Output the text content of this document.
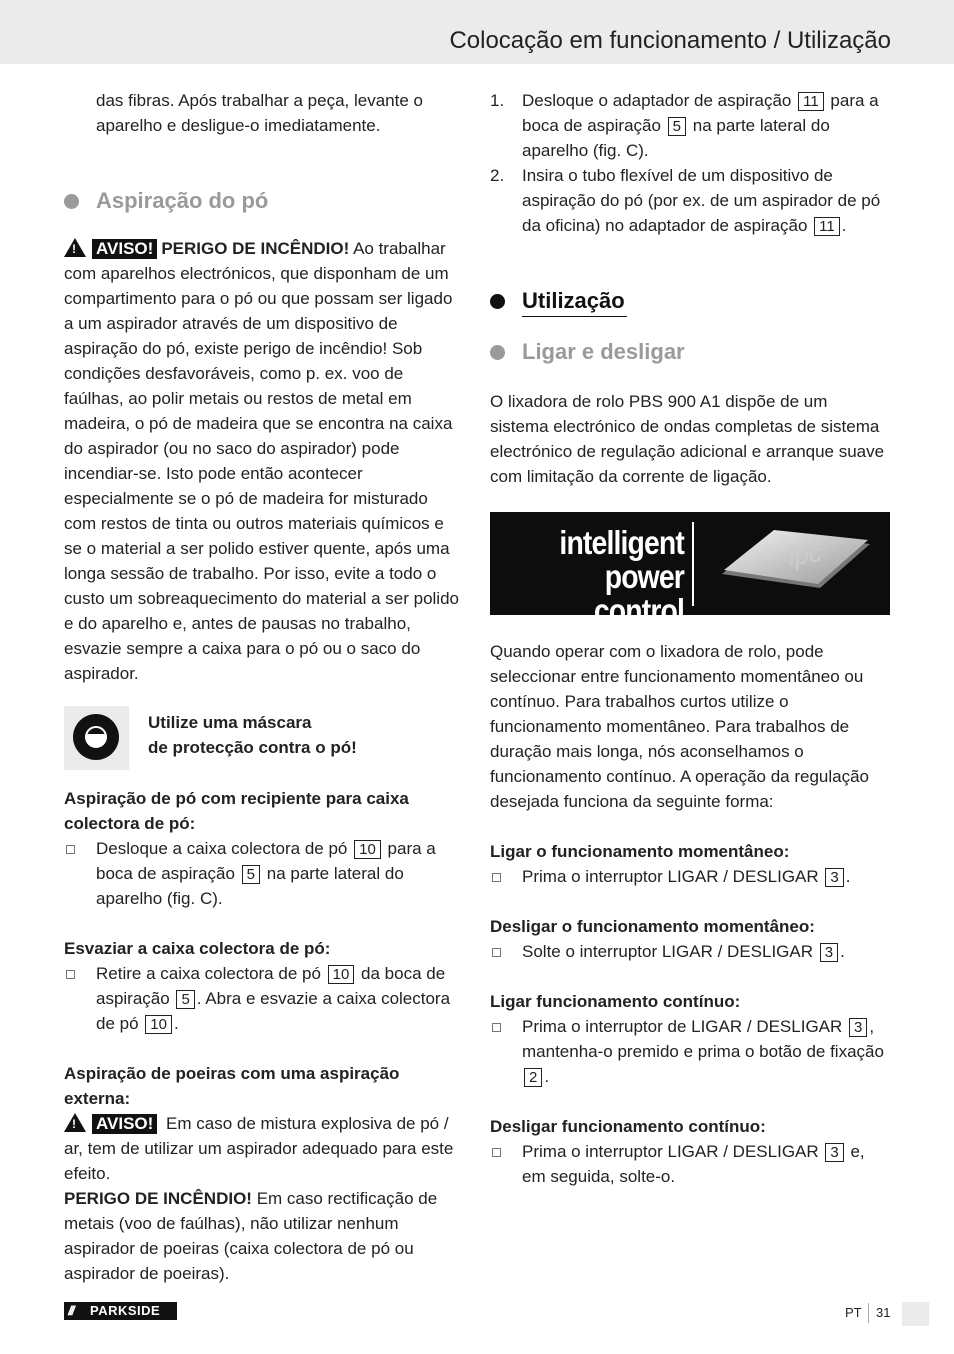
Colocação em funcionamento / Utilização

das fibras. Após trabalhar a peça, levante o aparelho e desligue-o imediatamente.

Aspiração do pó

! AVISO! PERIGO DE INCÊNDIO! Ao trabalhar com aparelhos electrónicos, que disponham de um compartimento para o pó ou que possam ser ligado a um aspirador através de um dispositivo de aspiração do pó, existe perigo de incêndio! Sob condições desfavoráveis, como p. ex. voo de faúlhas, ao polir metais ou restos de metal em madeira, o pó de madeira que se encontra na caixa do aspirador (ou no saco do aspirador) pode incendiar-se. Isto pode então acontecer especialmente se o pó de madeira for misturado com restos de tinta ou outros materiais químicos e se o material a ser polido estiver quente, após uma longa sessão de trabalho. Por isso, evite a todo o custo um sobreaquecimento do material a ser polido e do aparelho e, antes de pausas no trabalho, esvazie sempre a caixa para o pó ou o saco do aspirador.

Utilize uma máscara
de protecção contra o pó!

Aspiração de pó com recipiente para caixa colectora de pó:

Desloque a caixa colectora de pó 10 para a boca de aspiração 5 na parte lateral do aparelho (fig. C).

Esvaziar a caixa colectora de pó:

Retire a caixa colectora de pó 10 da boca de aspiração 5 . Abra e esvazie a caixa colectora de pó 10 .

Aspiração de poeiras com uma aspiração externa:

! AVISO! Em caso de mistura explosiva de pó / ar, tem de utilizar um aspirador adequado para este efeito.

PERIGO DE INCÊNDIO! Em caso rectificação de metais (voo de faúlhas), não utilizar nenhum aspirador de poeiras (caixa colectora de pó ou aspirador de poeiras).

1. Desloque o adaptador de aspiração 11 para a boca de aspiração 5 na parte lateral do aparelho (fig. C).
2. Insira o tubo flexível de um dispositivo de aspiração do pó (por ex. de um aspirador de pó da oficina) no adaptador de aspiração 11 .
Utilização
Ligar e desligar

O lixadora de rolo PBS 900 A1 dispõe de um sistema electrónico de ondas completas de sistema electrónico de regulação adicional e arranque suave com limitação da corrente de ligação.

intelligent
power control
ipc

Quando operar com o lixadora de rolo, pode seleccionar entre funcionamento momentâneo ou contínuo. Para trabalhos curtos utilize o funcionamento momentâneo. Para trabalhos de duração mais longa, nós aconselhamos o funcionamento contínuo. A operação da regulação desejada funciona da seguinte forma:

Ligar o funcionamento momentâneo:

Prima o interruptor LIGAR / DESLIGAR 3 .

Desligar o funcionamento momentâneo:

Solte o interruptor LIGAR / DESLIGAR 3 .

Ligar funcionamento contínuo:

Prima o interruptor de LIGAR / DESLIGAR 3 , mantenha-o premido e prima o botão de fixação 2 .

Desligar funcionamento contínuo:

Prima o interruptor LIGAR / DESLIGAR 3 e, em seguida, solte-o.
/// PARKSIDE	PT 31
